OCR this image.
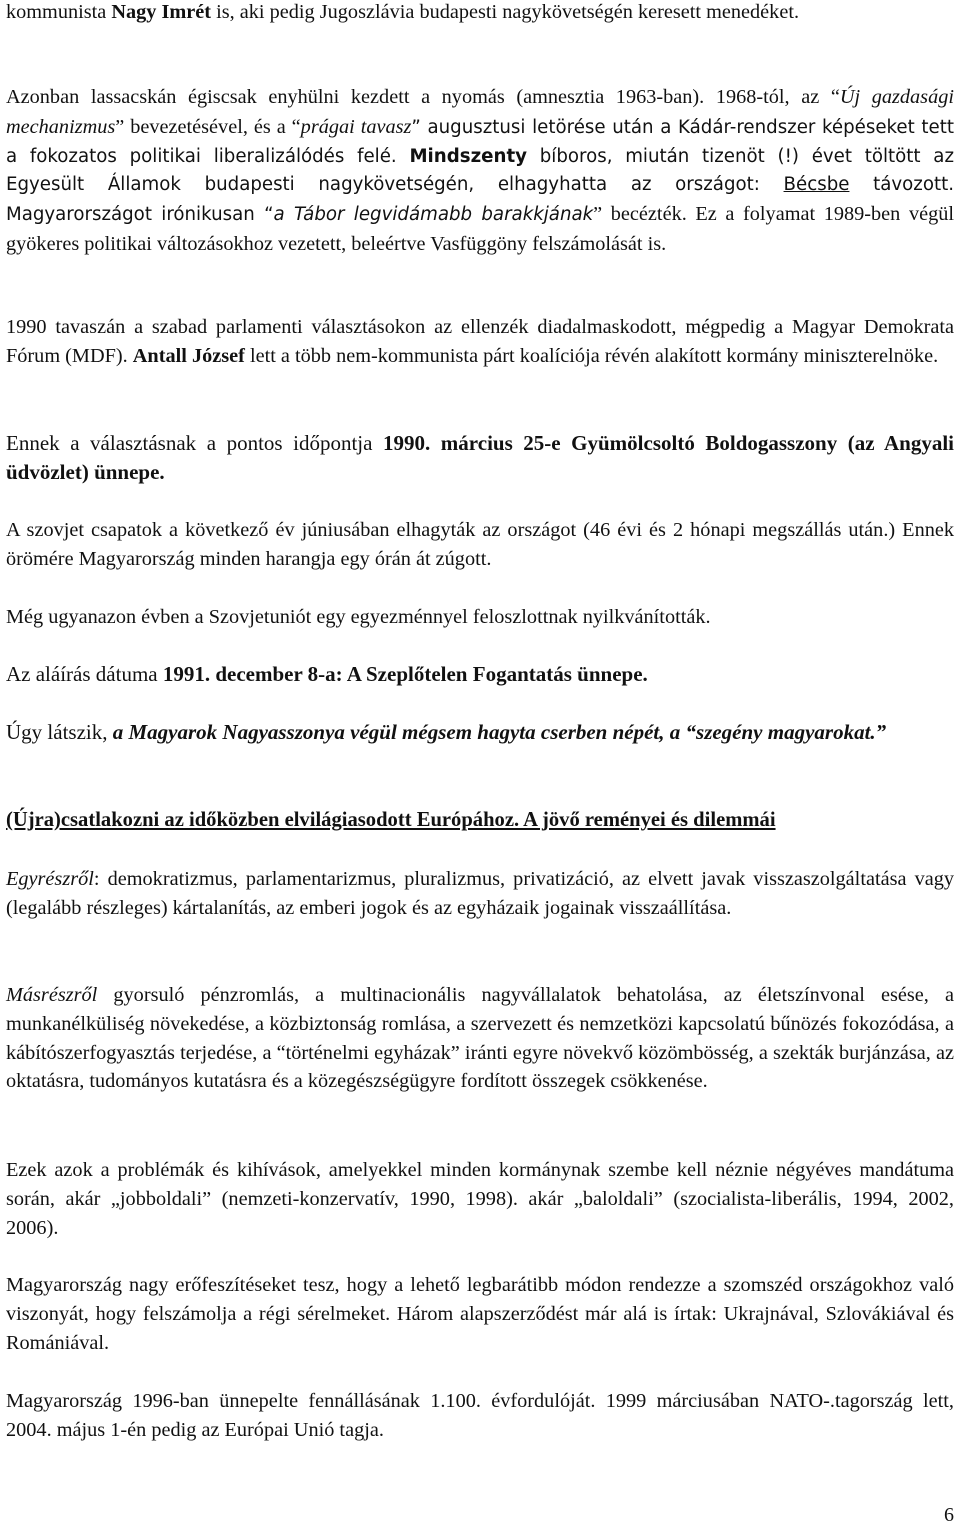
kommunista Nagy Imrét is, aki pedig Jugoszlávia budapesti nagykövetségén keresett menedéket.

Azonban lassacskán égiscsak enyhülni kezdett a nyomás (amnesztia 1963-ban). 1968-tól, az “Új gazdasági mechanizmus” bevezetésével, és a “prágai tavasz” augusztusi letörése után a Kádár-rendszer képéseket tett a fokozatos politikai liberalizálódés felé. Mindszenty bíboros, miután tizenöt (!) évet töltött az Egyesült Államok budapesti nagykövetségén, elhagyhatta az országot: Bécsbe távozott. Magyarországot irónikusan “a Tábor legvidámabb barakkjának” becézték. Ez a folyamat 1989-ben végül gyökeres politikai változásokhoz vezetett, beleértve Vasfüggöny felszámolását is.

1990 tavaszán a szabad parlamenti választásokon az ellenzék diadalmaskodott, mégpedig a Magyar Demokrata Fórum (MDF). Antall József lett a több nem-kommunista párt koalíciója révén alakított kormány miniszterelnöke.

Ennek a választásnak a pontos időpontja 1990. március 25-e Gyümölcsoltó Boldogasszony (az Angyali üdvözlet) ünnepe.

A szovjet csapatok a következő év júniusában elhagyták az országot (46 évi és 2 hónapi megszállás után.) Ennek örömére Magyarország minden harangja egy órán át zúgott.

Még ugyanazon évben a Szovjetuniót egy egyezménnyel feloszlottnak nyilkvánították.

Az aláírás dátuma 1991. december 8-a: A Szeplőtelen Fogantatás ünnepe.

Úgy látszik, a Magyarok Nagyasszonya végül mégsem hagyta cserben népét, a “szegény magyarokat.”

(Újra)csatlakozni az időközben elvilágiasodott Európához. A jövő reményei és dilemmái

Egyrészről: demokratizmus, parlamentarizmus, pluralizmus, privatizáció, az elvett javak visszaszolgáltatása vagy (legalább részleges) kártalanítás, az emberi jogok és az egyházaik jogainak visszaállítása.

Másrészről gyorsuló pénzromlás, a multinacionális nagyvállalatok behatolása, az életszínvonal esése, a munkanélküliség növekedése, a közbiztonság romlása, a szervezett és nemzetközi kapcsolatú bűnözés fokozódása, a kábítószerfogyasztás terjedése, a “történelmi egyházak” iránti egyre növekvő közömbösség, a szekták burjánzása, az oktatásra, tudományos kutatásra és a közegészségügyre fordított összegek csökkenése.

Ezek azok a problémák és kihívások, amelyekkel minden kormánynak szembe kell néznie négyéves mandátuma során, akár „jobboldali” (nemzeti-konzervatív, 1990, 1998). akár „baloldali” (szocialista-liberális, 1994, 2002, 2006).

Magyarország nagy erőfeszítéseket tesz, hogy a lehető legbarátibb módon rendezze a szomszéd országokhoz való viszonyát, hogy felszámolja a régi sérelmeket. Három alapszerződést már alá is írtak: Ukrajnával, Szlovákiával és Romániával.

Magyarország 1996-ban ünnepelte fennállásának 1.100. évfordulóját. 1999 márciusában NATO-.tagország lett, 2004. május 1-én pedig az Európai Unió tagja.

6
